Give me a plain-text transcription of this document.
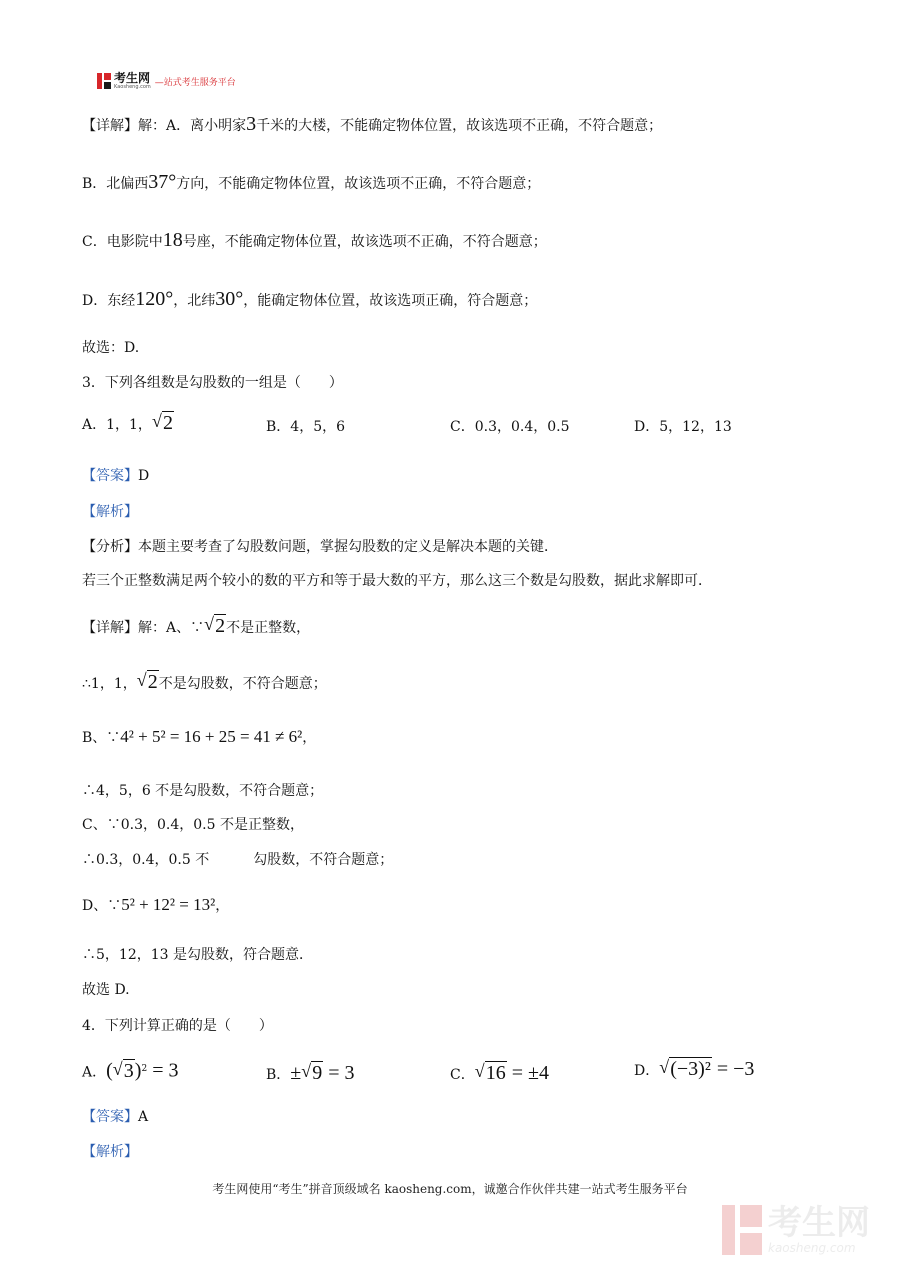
考生网
Kaosheng.com —站式考生服务平台
【详解】解：A．离小明家3千米的大楼，不能确定物体位置，故该选项不正确，不符合题意；
B．北偏西37°方向，不能确定物体位置，故该选项不正确，不符合题意；
C．电影院中18号座，不能确定物体位置，故该选项不正确，不符合题意；
D．东经120°，北纬30°，能确定物体位置，故该选项正确，符合题意；
故选：D.
3．下列各组数是勾股数的一组是（　　）
A．1，1， √ 2	B．4，5，6	C．0.3，0.4，0.5	D．5，12，13
【答案】D
【解析】
【分析】本题主要考查了勾股数问题，掌握勾股数的定义是解决本题的关键．
若三个正整数满足两个较小的数的平方和等于最大数的平方，那么这三个数是勾股数，据此求解即可．
【详解】解：A、∵ √ 2不是正整数，
∴1，1， √ 2不是勾股数，不符合题意；
B、∵4² + 5² = 16 + 25 = 41 ≠ 6²，
∴4，5，6 不是勾股数，不符合题意；
C、∵0.3，0.4，0.5 不是正整数，
∴0.3，0.4，0.5 不	勾股数，不符合题意；
D、∵5² + 12² = 13²，
∴5，12，13 是勾股数，符合题意．
故选 D.
4．下列计算正确的是（　　）
A．( √ 3)$^2$ = 3	B．± √ 9 = 3	C． √ 16 = ±4	D． √ (−3)² = −3
【答案】A
【解析】
考生网使用“考生”拼音顶级域名 kaosheng.com，诚邀合作伙伴共建一站式考生服务平台
考生网
kaosheng.com
